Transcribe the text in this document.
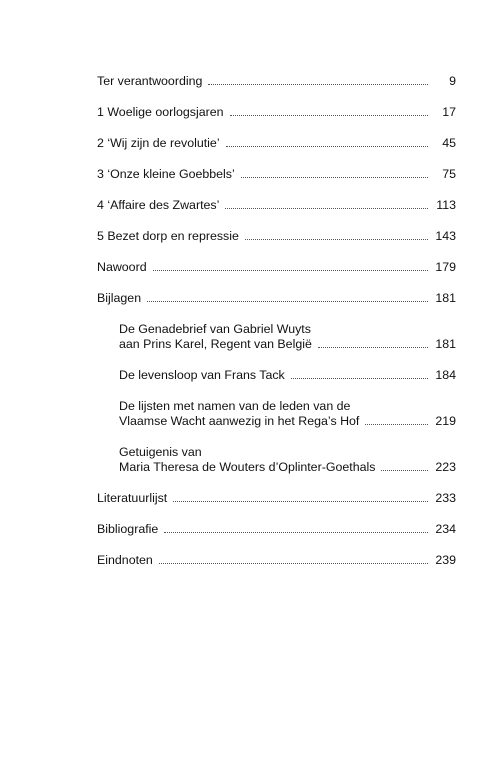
Ter verantwoording	9
1 Woelige oorlogsjaren	17
2 ‘Wij zijn de revolutie’	45
3 ‘Onze kleine Goebbels’	75
4 ‘Affaire des Zwartes’	113
5 Bezet dorp en repressie	143
Nawoord	179
Bijlagen	181
De Genadebrief van Gabriel Wuyts
aan Prins Karel, Regent van België	181
De levensloop van Frans Tack	184
De lijsten met namen van de leden van de
Vlaamse Wacht aanwezig in het Rega’s Hof	219
Getuigenis van
Maria Theresa de Wouters d’Oplinter-Goethals	223
Literatuurlijst	233
Bibliografie	234
Eindnoten	239
